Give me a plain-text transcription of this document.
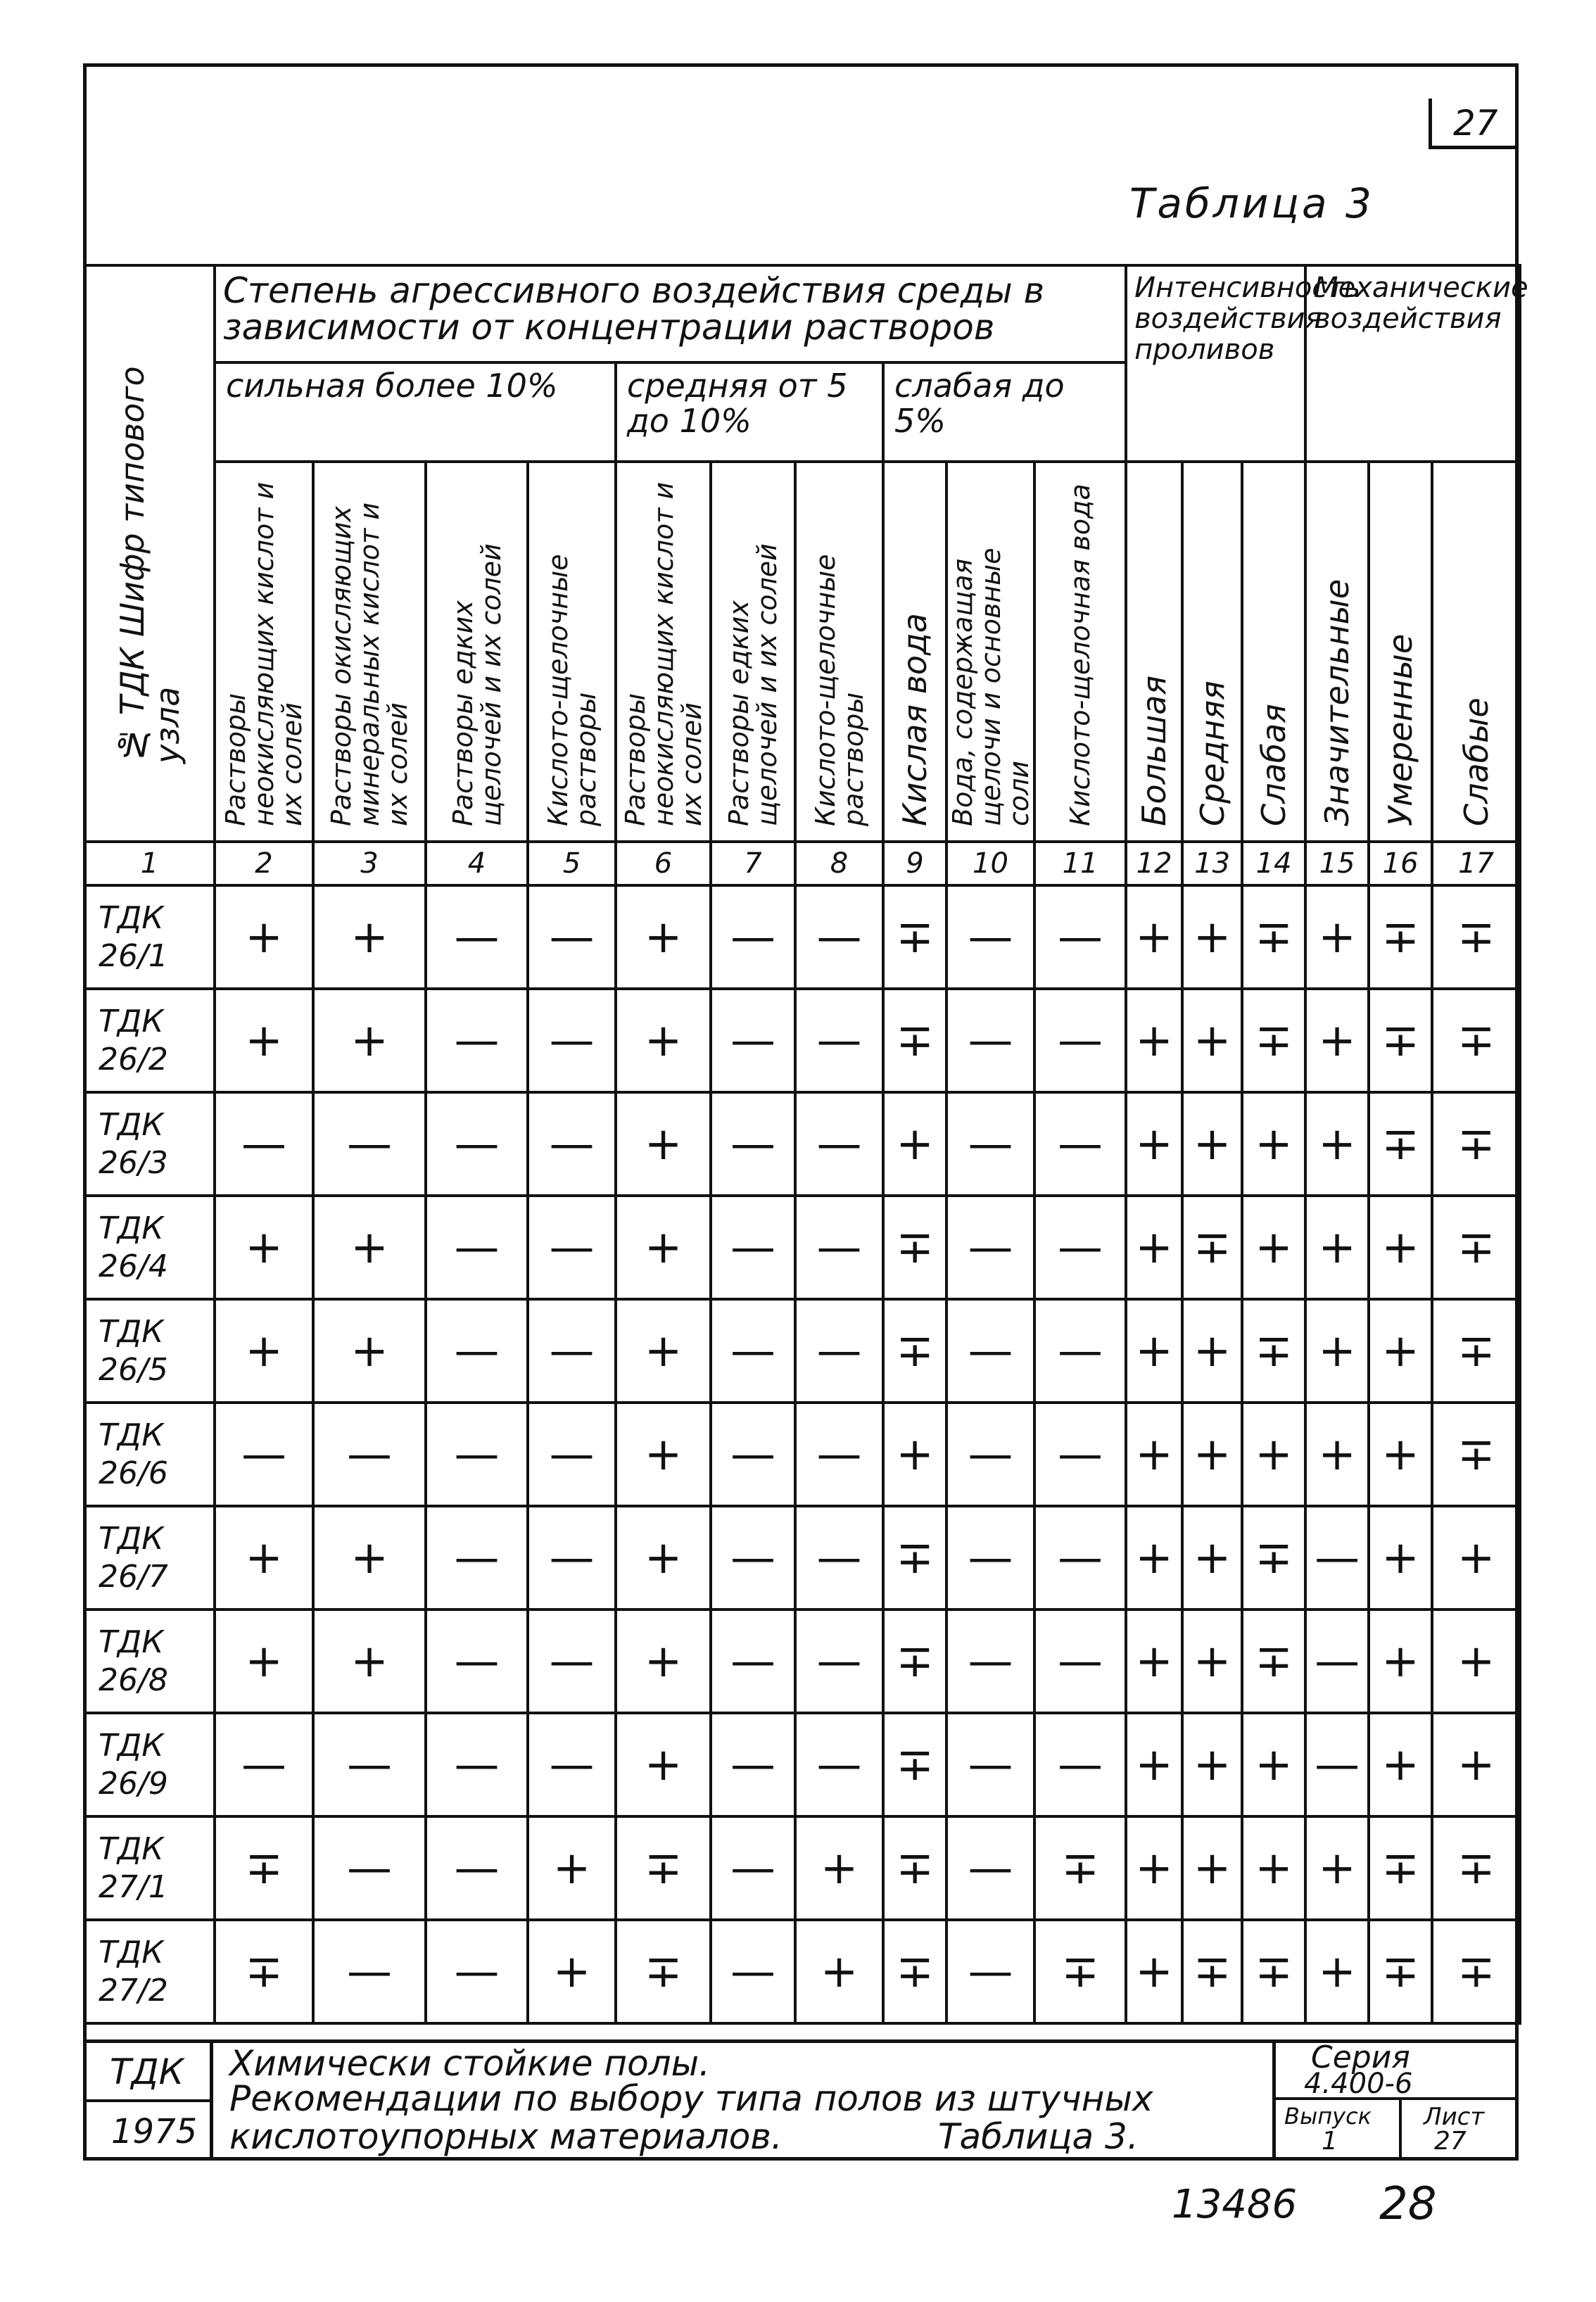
27
Таблица 3
№ ТДК Шифр типового узла	Степень агрессивного воздействия среды в зависимости от концентрации растворов										Интенсивность воздействия проливов			Механические воздействия		
	сильная более 10%				средняя от 5 до 10%			слабая до 5%								
	Растворы неокисляющих кислот и их солей	Растворы окисляющих минеральных кислот и их солей	Растворы едких щелочей и их солей	Кислото-щелочные растворы	Растворы неокисляющих кислот и их солей	Растворы едких щелочей и их солей	Кислото-щелочные растворы	Кислая вода	Вода, содержащая щелочи и основные соли	Кислото-щелочная вода	Большая	Средняя	Слабая	Значительные	Умеренные	Слабые
1	2	3	4	5	6	7	8	9	10	11	12	13	14	15	16	17
ТДК 26/1	+	+	—	—	+	—	—	∓	—	—	+	+	∓	+	∓	∓
ТДК 26/2	+	+	—	—	+	—	—	∓	—	—	+	+	∓	+	∓	∓
ТДК 26/3	—	—	—	—	+	—	—	+	—	—	+	+	+	+	∓	∓
ТДК 26/4	+	+	—	—	+	—	—	∓	—	—	+	∓	+	+	+	∓
ТДК 26/5	+	+	—	—	+	—	—	∓	—	—	+	+	∓	+	+	∓
ТДК 26/6	—	—	—	—	+	—	—	+	—	—	+	+	+	+	+	∓
ТДК 26/7	+	+	—	—	+	—	—	∓	—	—	+	+	∓	—	+	+
ТДК 26/8	+	+	—	—	+	—	—	∓	—	—	+	+	∓	—	+	+
ТДК 26/9	—	—	—	—	+	—	—	∓	—	—	+	+	+	—	+	+
ТДК 27/1	∓	—	—	+	∓	—	+	∓	—	∓	+	+	+	+	∓	∓
ТДК 27/2	∓	—	—	+	∓	—	+	∓	—	∓	+	∓	∓	+	∓	∓
ТДК
1975
Химически стойкие полы.
Рекомендации по выбору типа полов из штучных
кислотоупорных материалов.	Таблица 3.
Серия
4.400-6
Выпуск
1
Лист
27
13486 28
